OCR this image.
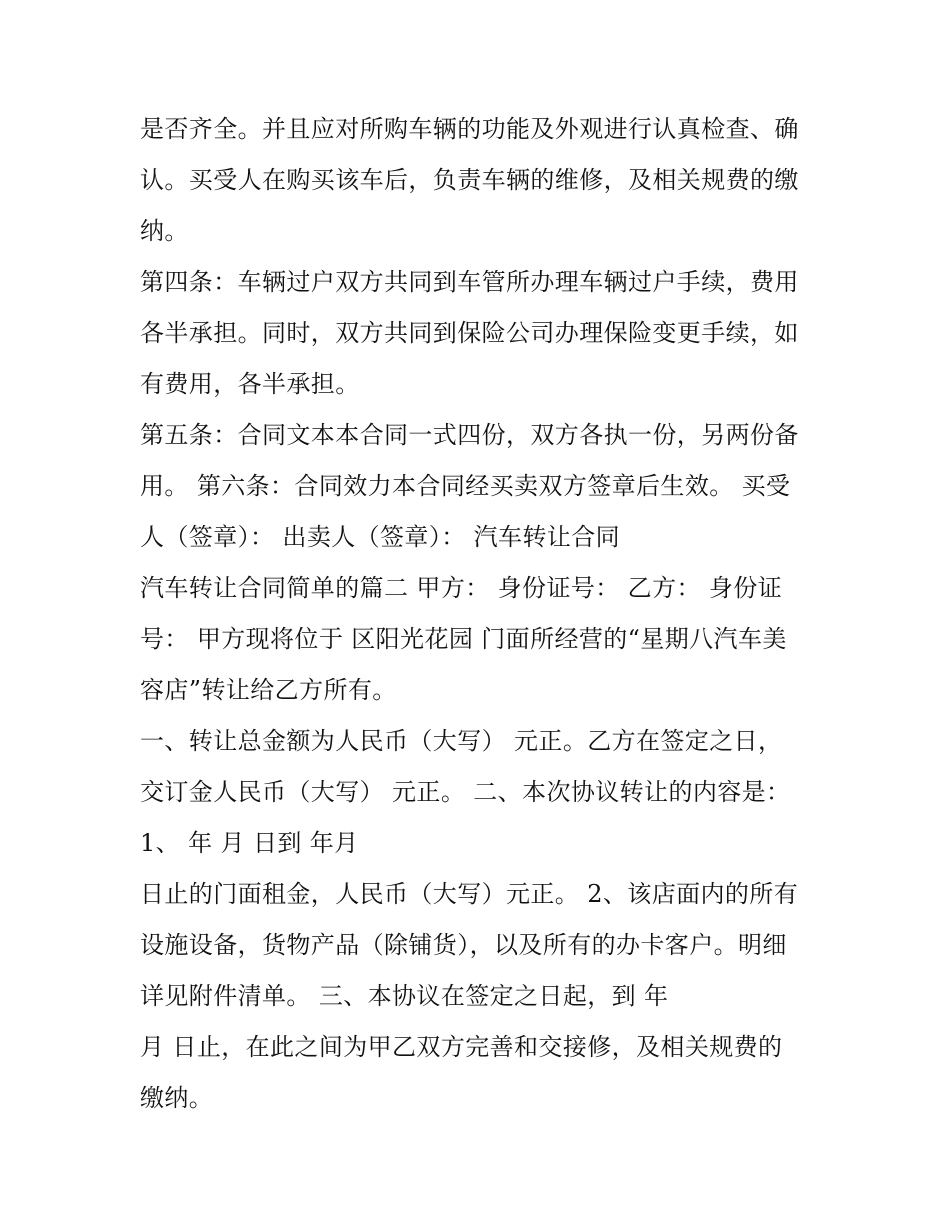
是否齐全。并且应对所购车辆的功能及外观进行认真检查、确
认。买受人在购买该车后，负责车辆的维修，及相关规费的缴
纳。
第四条：车辆过户双方共同到车管所办理车辆过户手续，费用
各半承担。同时，双方共同到保险公司办理保险变更手续，如
有费用，各半承担。
第五条：合同文本本合同一式四份，双方各执一份，另两份备
用。 第六条：合同效力本合同经买卖双方签章后生效。 买受
人（签章）： 出卖人（签章）： 汽车转让合同
汽车转让合同简单的篇二 甲方： 身份证号： 乙方： 身份证
号： 甲方现将位于 区阳光花园 门面所经营的“星期八汽车美
容店”转让给乙方所有。
一、转让总金额为人民币（大写） 元正。乙方在签定之日，
交订金人民币（大写） 元正。 二、本次协议转让的内容是：
1、 年 月 日到 年月
日止的门面租金，人民币（大写）元正。 2、该店面内的所有
设施设备，货物产品（除铺货），以及所有的办卡客户。明细
详见附件清单。 三、本协议在签定之日起，到 年
月 日止，在此之间为甲乙双方完善和交接修，及相关规费的
缴纳。
